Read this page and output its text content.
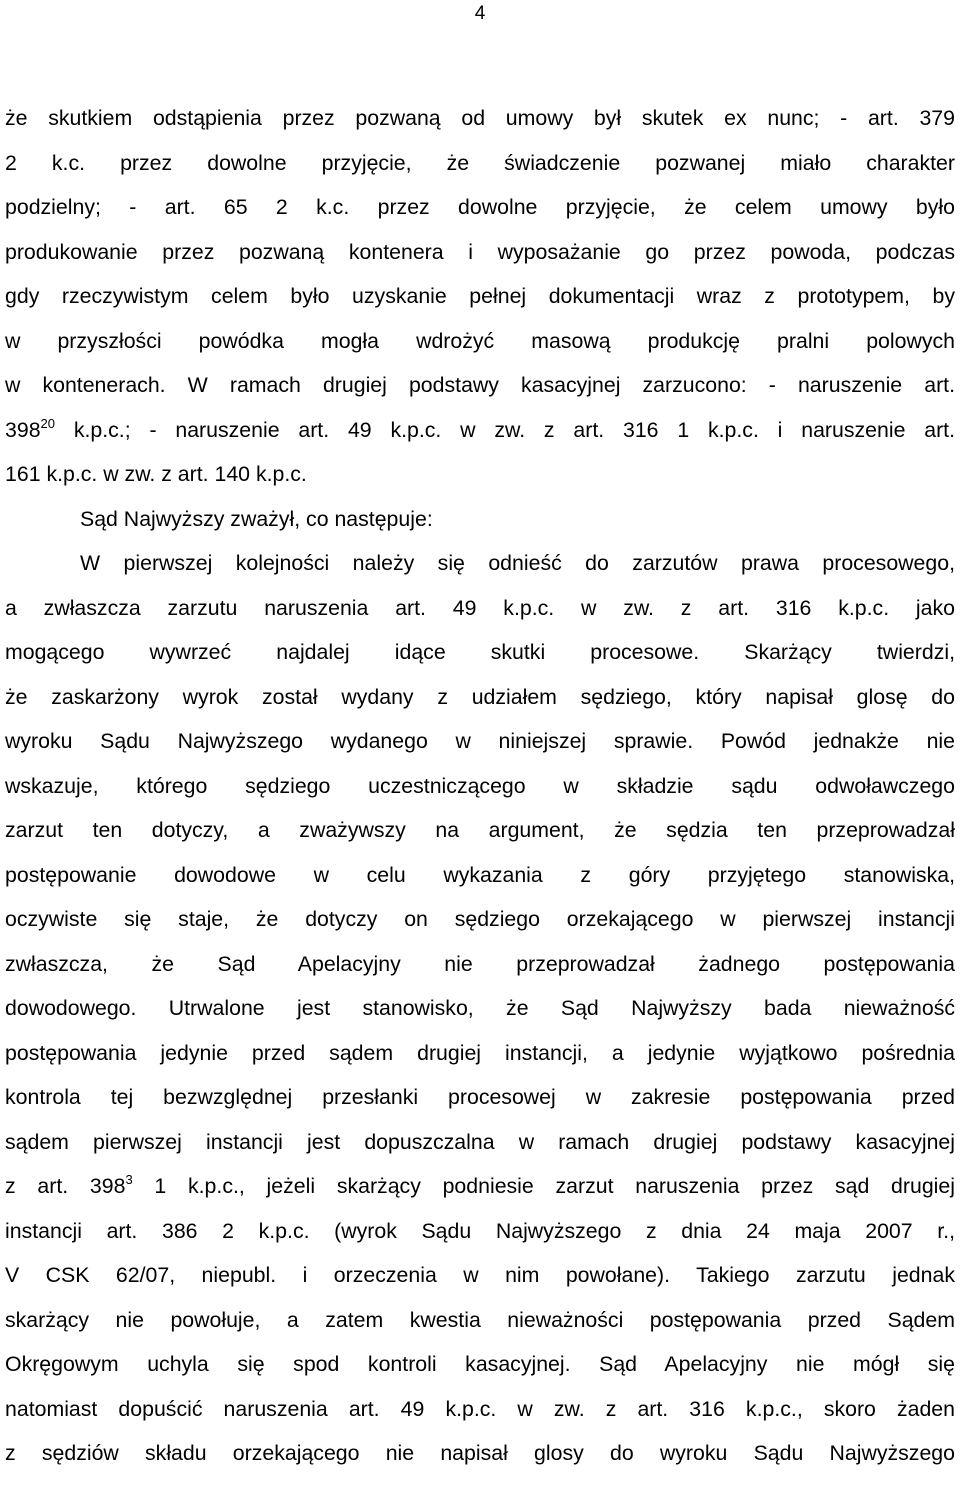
4
że skutkiem odstąpienia przez pozwaną od umowy był skutek ex nunc; - art. 379
2 k.c. przez dowolne przyjęcie, że świadczenie pozwanej miało charakter
podzielny; - art. 65 2 k.c. przez dowolne przyjęcie, że celem umowy było
produkowanie przez pozwaną kontenera i wyposażanie go przez powoda, podczas
gdy rzeczywistym celem było uzyskanie pełnej dokumentacji wraz z prototypem, by
w przyszłości powódka mogła wdrożyć masową produkcję pralni polowych
w kontenerach. W ramach drugiej podstawy kasacyjnej zarzucono: - naruszenie art.
$398^{20}$ k.p.c.; - naruszenie art. 49 k.p.c. w zw. z art. 316 1 k.p.c. i naruszenie art.
161 k.p.c. w zw. z art. 140 k.p.c.
Sąd Najwyższy zważył, co następuje:
W pierwszej kolejności należy się odnieść do zarzutów prawa procesowego,
a zwłaszcza zarzutu naruszenia art. 49 k.p.c. w zw. z art. 316 k.p.c. jako
mogącego wywrzeć najdalej idące skutki procesowe. Skarżący twierdzi,
że zaskarżony wyrok został wydany z udziałem sędziego, który napisał glosę do
wyroku Sądu Najwyższego wydanego w niniejszej sprawie. Powód jednakże nie
wskazuje, którego sędziego uczestniczącego w składzie sądu odwoławczego
zarzut ten dotyczy, a zważywszy na argument, że sędzia ten przeprowadzał
postępowanie dowodowe w celu wykazania z góry przyjętego stanowiska,
oczywiste się staje, że dotyczy on sędziego orzekającego w pierwszej instancji
zwłaszcza, że Sąd Apelacyjny nie przeprowadzał żadnego postępowania
dowodowego. Utrwalone jest stanowisko, że Sąd Najwyższy bada nieważność
postępowania jedynie przed sądem drugiej instancji, a jedynie wyjątkowo pośrednia
kontrola tej bezwzględnej przesłanki procesowej w zakresie postępowania przed
sądem pierwszej instancji jest dopuszczalna w ramach drugiej podstawy kasacyjnej
z art. $398^3$ 1 k.p.c., jeżeli skarżący podniesie zarzut naruszenia przez sąd drugiej
instancji art. 386 2 k.p.c. (wyrok Sądu Najwyższego z dnia 24 maja 2007 r.,
V CSK 62/07, niepubl. i orzeczenia w nim powołane). Takiego zarzutu jednak
skarżący nie powołuje, a zatem kwestia nieważności postępowania przed Sądem
Okręgowym uchyla się spod kontroli kasacyjnej. Sąd Apelacyjny nie mógł się
natomiast dopuścić naruszenia art. 49 k.p.c. w zw. z art. 316 k.p.c., skoro żaden
z sędziów składu orzekającego nie napisał glosy do wyroku Sądu Najwyższego
